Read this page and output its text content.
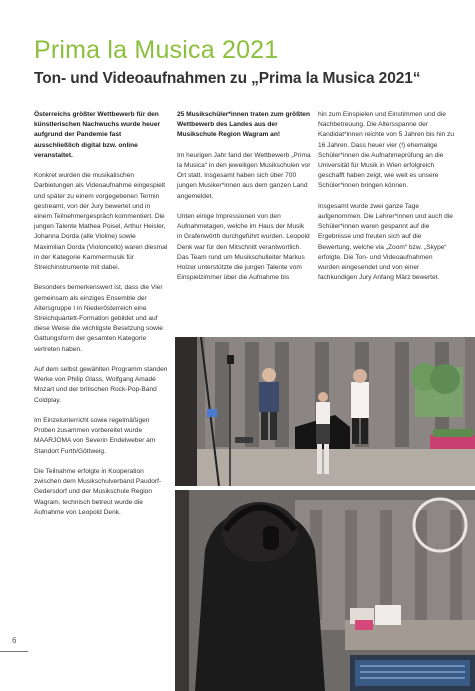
Prima la Musica 2021
Ton- und Videoaufnahmen zu „Prima la Musica 2021“

Österreichs größter Wettbewerb für den künstlerischen Nachwuchs wurde heuer aufgrund der Pandemie fast ausschließlich digital bzw. online veranstaltet.

Konkret wurden die musikalischen Darbietungen als Videoaufnahme eingespielt und später zu einem vorgegebenen Termin gestreamt, von der Jury bewertet und in einem Teilnehmergespräch kommentiert. Die jungen Talente Mathea Poisel, Arthur Heisler, Johanna Dorda (alle Violine) sowie Maximilian Dorda (Violoncello) waren diesmal in der Kategorie Kammermusik für Streichinstrumente mit dabei.

Besonders bemerkenswert ist, dass die Vier gemeinsam als einziges Ensemble der Altersgruppe I in Niederösterreich eine Streichquartett-Formation gebildet und auf diese Weise die wichtigste Besetzung sowie Gattungsform der gesamten Kategorie vertreten haben.

Auf dem selbst gewählten Programm standen Werke von Philip Glass, Wolfgang Amadé Mozart und der britischen Rock-Pop-Band Coldplay.

Im Einzelunterricht sowie regelmäßigen Proben zusammen vorbereitet wurde MAARJOMA von Severin Endelweber am Standort Furth/Göttweig.

Die Teilnahme erfolgte in Kooperation zwischen dem Musikschulverband Paudorf-Gedersdorf und der Musikschule Region Wagram, technisch betreut wurde die Aufnahme von Leopold Denk.

25 Musikschüler*innen traten zum größten Wettbewerb des Landes aus der Musikschule Region Wagram an!

Im heurigen Jahr fand der Wettbewerb „Prima la Musica“ in den jeweiligen Musikschulen vor Ort statt. Insgesamt haben sich über 700 jungen Musiker*innen aus dem ganzen Land angemeldet.

Unten einige Impressionen von den Aufnahmetagen, welche im Haus der Musik in Grafenwörth durchgeführt wurden. Leopold Denk war für den Mitschnitt verantwortlich. Das Team rund um Musikschulleiter Markus Holzer unterstützte die jungen Talente vom Einspielzimmer über die Aufnahme bis

hin zum Einspielen und Einstimmen und die Nachbetreuung. Die Altersspanne der Kandidat*innen reichte von 5 Jahren bis hin zu 16 Jahren. Dass heuer vier (!) ehemalige Schüler*innen die Aufnahmeprüfung an die Universität für Musik in Wien erfolgreich geschafft haben zeigt, wie weit es unsere Schüler*innen bringen können.

Insgesamt wurde zwei ganze Tage aufgenommen. Die Lehrer*innen und auch die Schüler*innen waren gespannt auf die Ergebnisse und freuten sich auf die Bewertung, welche via „Zoom“ bzw. „Skype“ erfolgte. Die Ton- und Videoaufnahmen wurden eingesendet und von einer fachkundigen Jury Anfang März bewertet.

6
